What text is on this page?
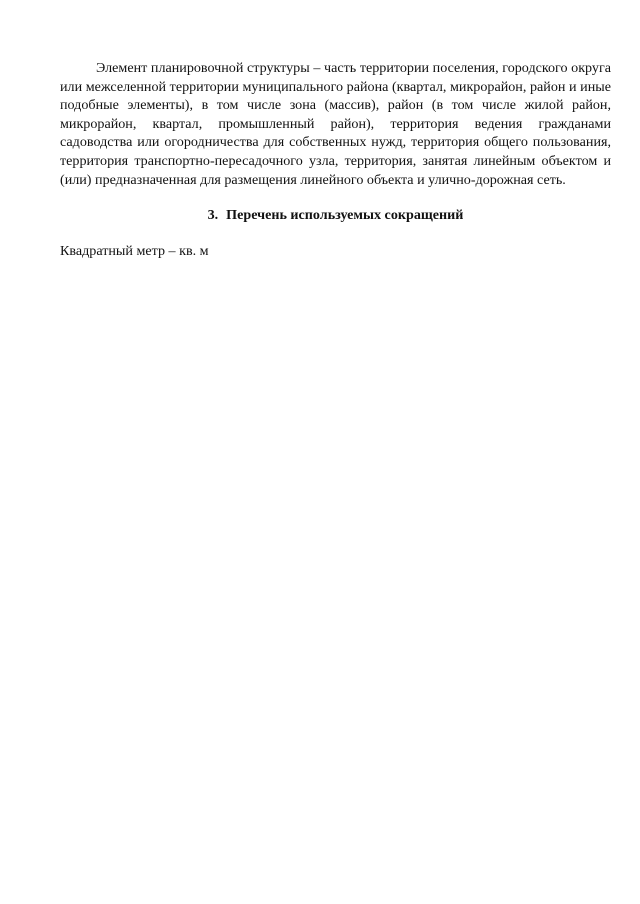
Элемент планировочной структуры – часть территории поселения, городского округа или межселенной территории муниципального района (квартал, микрорайон, район и иные подобные элементы), в том числе зона (массив), район (в том числе жилой район, микрорайон, квартал, промышленный район), территория ведения гражданами садоводства или огородничества для собственных нужд, территория общего пользования, территория транспортно-пересадочного узла, территория, занятая линейным объектом и (или) предназначенная для размещения линейного объекта и улично-дорожная сеть.

3. Перечень используемых сокращений
Квадратный метр – кв. м
